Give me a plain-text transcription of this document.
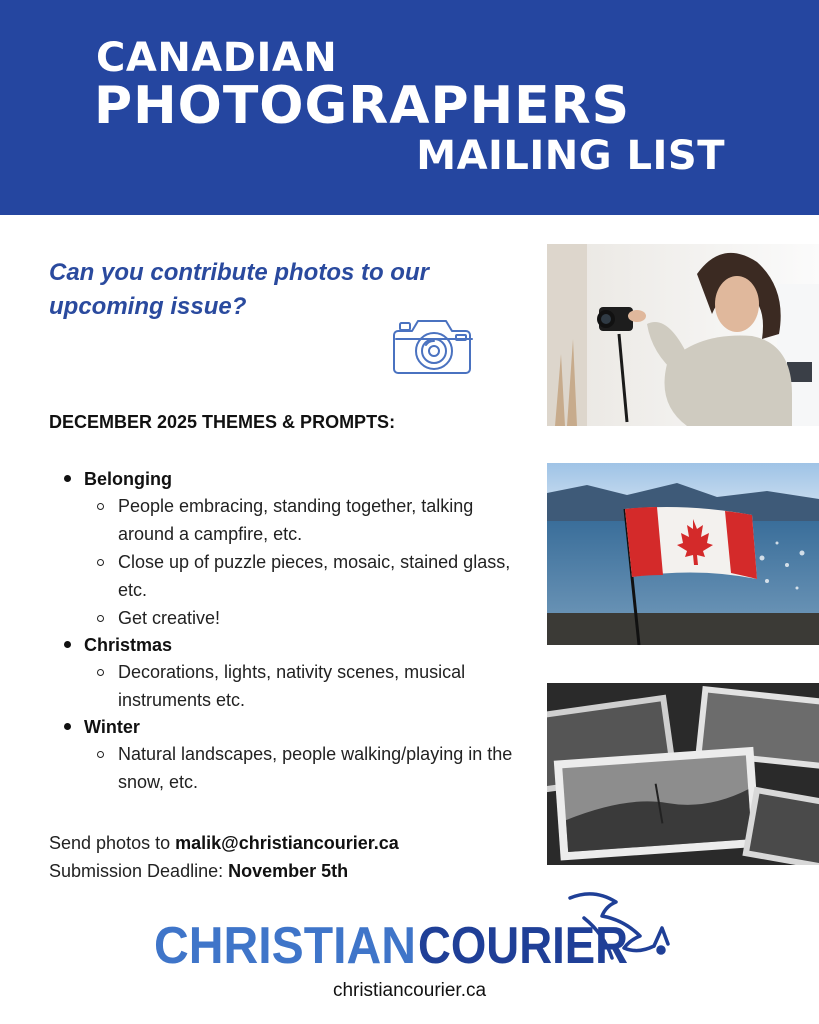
CANADIAN
PHOTOGRAPHERS
MAILING LIST
Can you contribute photos to our upcoming issue?
DECEMBER 2025 THEMES & PROMPTS:
Belonging
People embracing, standing together, talking around a campfire, etc.
Close up of puzzle pieces, mosaic, stained glass, etc.
Get creative!
Christmas
Decorations, lights, nativity scenes, musical instruments etc.
Winter
Natural landscapes, people walking/playing in the snow, etc.
Send photos to malik@christiancourier.ca
Submission Deadline: November 5th
CHRISTIAN COURIER
christiancourier.ca
